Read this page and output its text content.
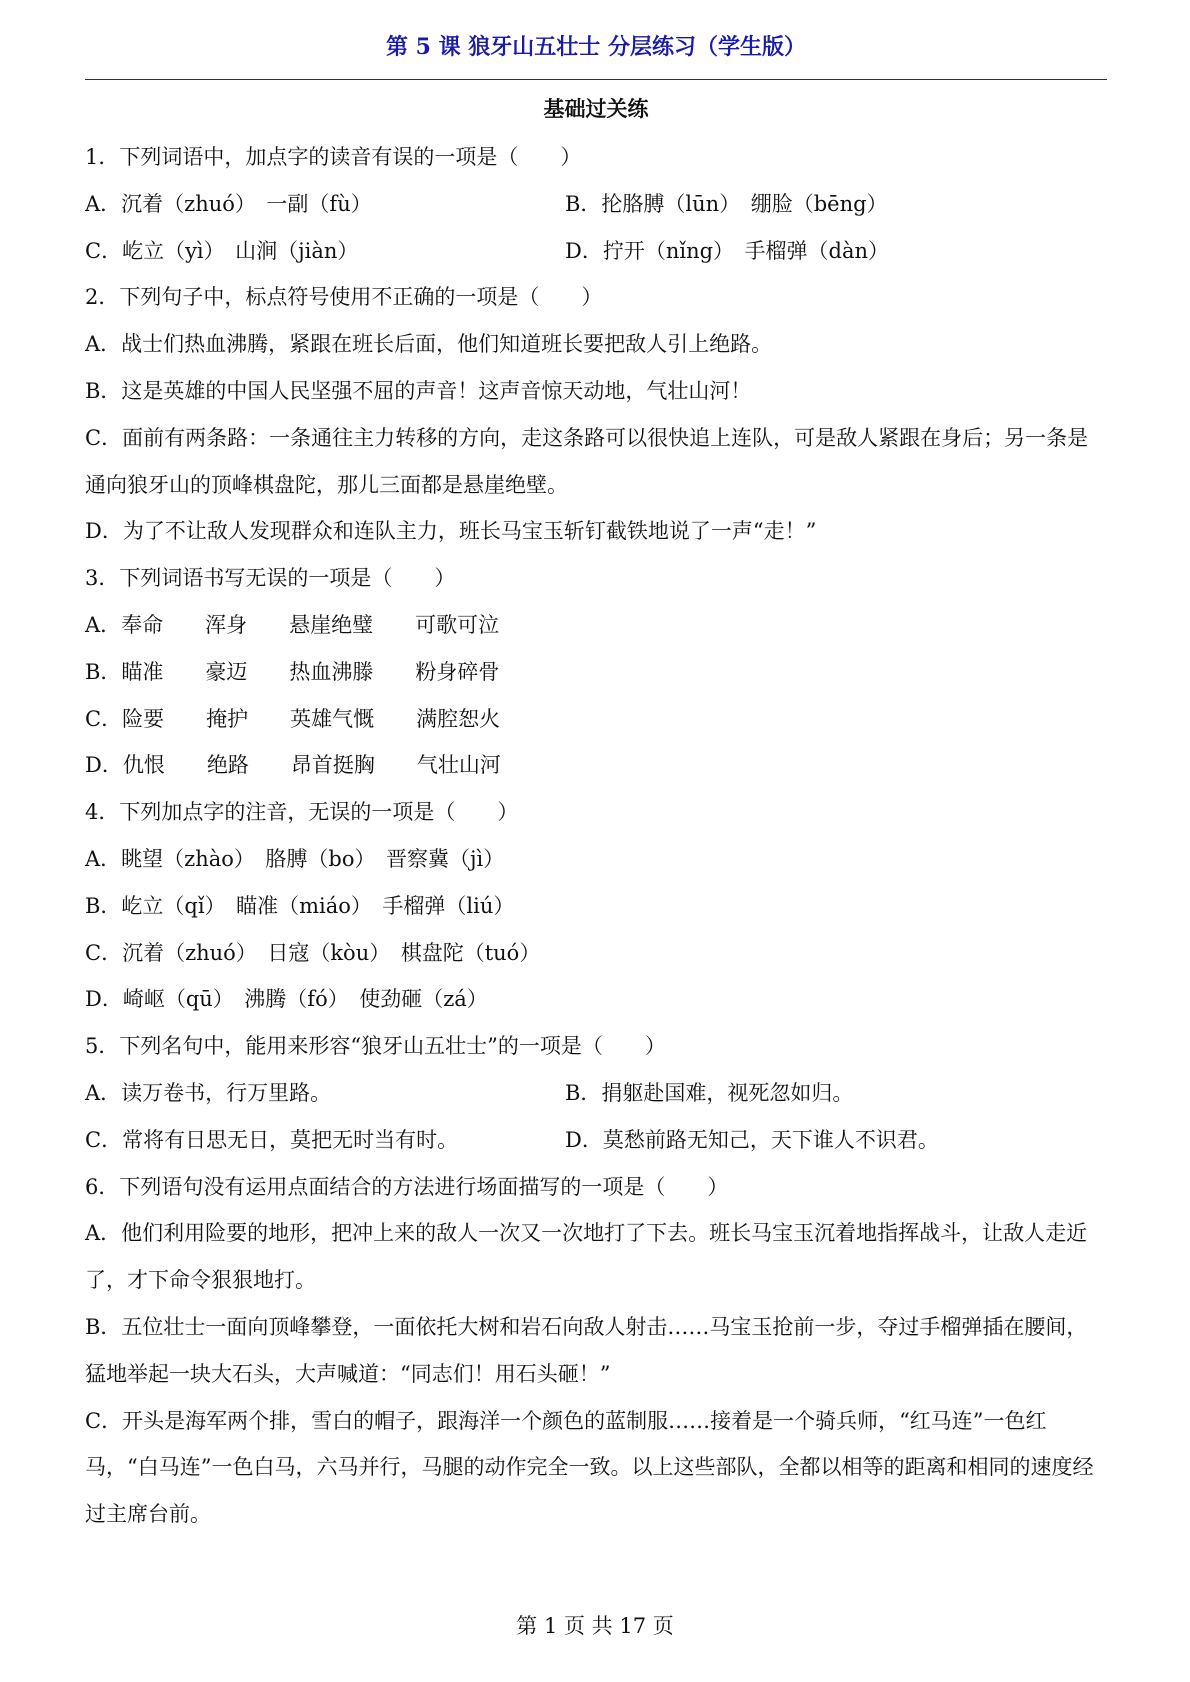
第 5 课 狼牙山五壮士 分层练习（学生版）
基础过关练
1．下列词语中，加点字的读音有误的一项是（　　）
A．沉着（zhuó）　一副（fù）	B．抡胳膊（lūn）　绷脸（bēng）
C．屹立（yì）　山涧（jiàn）	D．拧开（nǐng）　手榴弹（dàn）
2．下列句子中，标点符号使用不正确的一项是（　　）
A．战士们热血沸腾，紧跟在班长后面，他们知道班长要把敌人引上绝路。
B．这是英雄的中国人民坚强不屈的声音！这声音惊天动地，气壮山河！
C．面前有两条路：一条通往主力转移的方向，走这条路可以很快追上连队，可是敌人紧跟在身后；另一条是通向狼牙山的顶峰棋盘陀，那儿三面都是悬崖绝壁。
D．为了不让敌人发现群众和连队主力，班长马宝玉斩钉截铁地说了一声“走！”
3．下列词语书写无误的一项是（　　）
A．奉命　　浑身　　悬崖绝璧　　可歌可泣
B．瞄准　　豪迈　　热血沸滕　　粉身碎骨
C．险要　　掩护　　英雄气慨　　满腔恕火
D．仇恨　　绝路　　昂首挺胸　　气壮山河
4．下列加点字的注音，无误的一项是（　　）
A．眺望（zhào）　胳膊（bo）　晋察冀（jì）
B．屹立（qǐ）　瞄准（miáo）　手榴弹（liú）
C．沉着（zhuó）　日寇（kòu）　棋盘陀（tuó）
D．崎岖（qū）　沸腾（fó）　使劲砸（zá）
5．下列名句中，能用来形容“狼牙山五壮士”的一项是（　　）
A．读万卷书，行万里路。	B．捐躯赴国难，视死忽如归。
C．常将有日思无日，莫把无时当有时。	D．莫愁前路无知己，天下谁人不识君。
6．下列语句没有运用点面结合的方法进行场面描写的一项是（　　）
A．他们利用险要的地形，把冲上来的敌人一次又一次地打了下去。班长马宝玉沉着地指挥战斗，让敌人走近了，才下命令狠狠地打。
B．五位壮士一面向顶峰攀登，一面依托大树和岩石向敌人射击……马宝玉抢前一步，夺过手榴弹插在腰间，猛地举起一块大石头，大声喊道：“同志们！用石头砸！”
C．开头是海军两个排，雪白的帽子，跟海洋一个颜色的蓝制服……接着是一个骑兵师，“红马连”一色红马，“白马连”一色白马，六马并行，马腿的动作完全一致。以上这些部队，全都以相等的距离和相同的速度经过主席台前。
第 1 页 共 17 页
